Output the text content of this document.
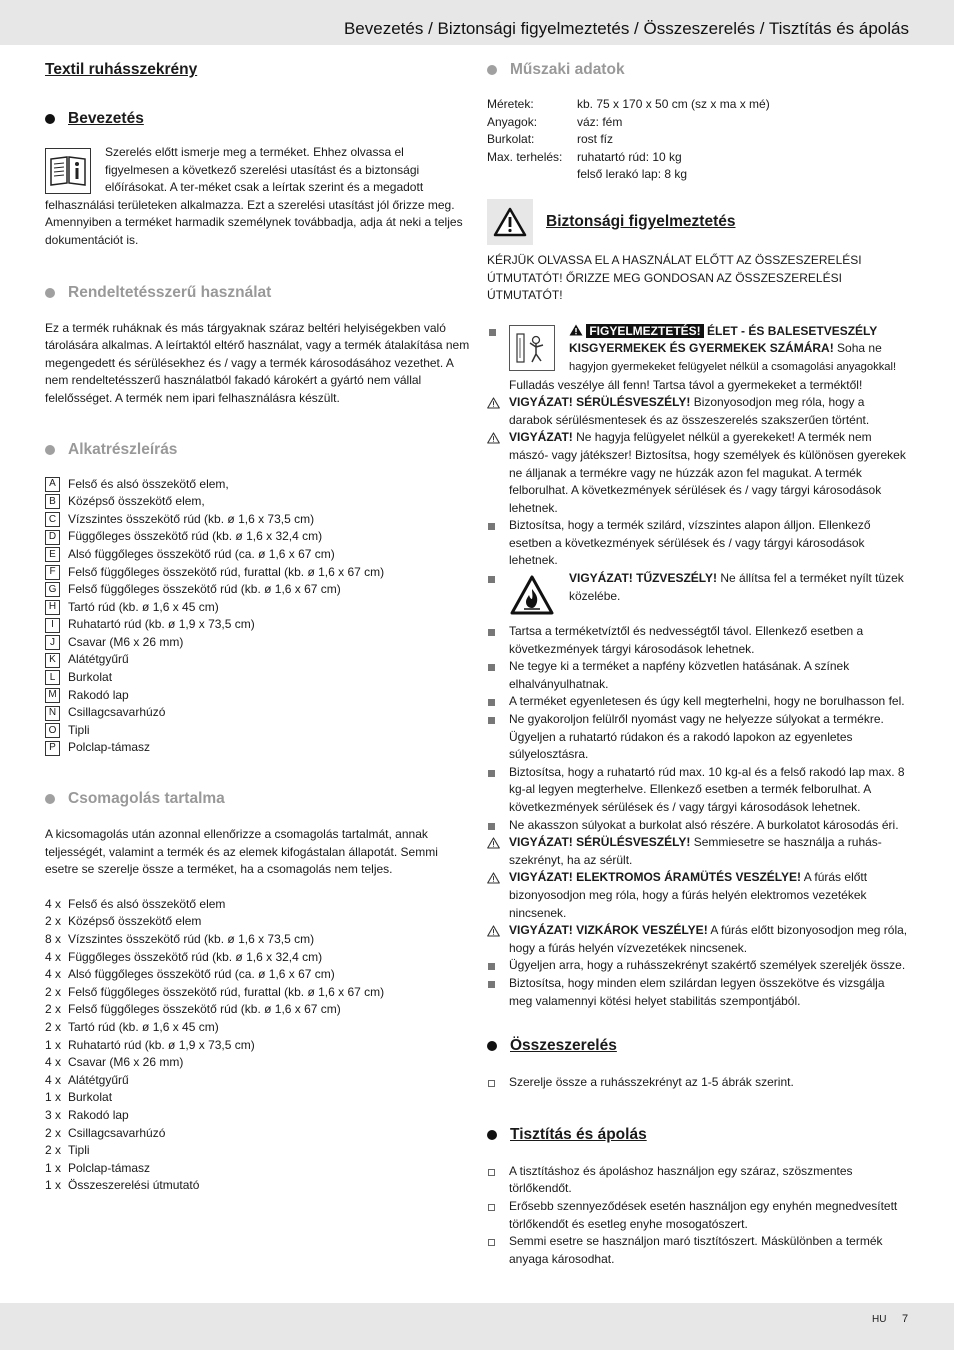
Bevezetés / Biztonsági figyelmeztetés / Összeszerelés / Tisztítás és ápolás
Textil ruhásszekrény
Bevezetés
Szerelés előtt ismerje meg a terméket. Ehhez olvassa el figyelmesen a következő szerelési utasítást és a biztonsági előírásokat. A ter-méket csak a leírtak szerint és a megadott felhasználási területeken alkalmazza. Ezt a szerelési utasítást jól őrizze meg. Amennyiben a terméket harmadik személynek továbbadja, adja át neki a teljes dokumentációt is.
Rendeltetésszerű használat
Ez a termék ruháknak és más tárgyaknak száraz beltéri helyiségekben való tárolására alkalmas. A leírtaktól eltérő használat, vagy a termék átalakítása nem megengedett és sérülésekhez és / vagy a termék károsodásához vezethet. A nem rendeltetésszerű használatból fakadó károkért a gyártó nem vállal felelősséget. A termék nem ipari felhasználásra készült.
Alkatrészleírás
A	Felső és alsó összekötő elem,
B	Középső összekötő elem,
C Vízszintes összekötő rúd (kb. ø 1,6 x 73,5 cm)
D Függőleges összekötő rúd (kb. ø 1,6 x 32,4 cm)
E	Alsó függőleges összekötő rúd (ca. ø 1,6 x 67 cm)
F	Felső függőleges összekötő rúd, furattal (kb. ø 1,6 x 67 cm)
G Felső függőleges összekötő rúd (kb. ø 1,6 x 67 cm)
H Tartó rúd (kb. ø 1,6 x 45 cm)
I	Ruhatartó rúd (kb. ø 1,9 x 73,5 cm)
J	Csavar (M6 x 26 mm)
K	Alátétgyűrű
L	Burkolat
M Rakodó lap
N Csillagcsavarhúzó
O Tipli
P	Polclap-támasz
Csomagolás tartalma
A kicsomagolás után azonnal ellenőrizze a csomagolás tartalmát, annak teljességét, valamint a termék és az elemek kifogástalan állapotát. Semmi esetre se szerelje össze a terméket, ha a csomagolás nem teljes.
4 x Felső és alsó összekötő elem
2 x Középső összekötő elem
8 x Vízszintes összekötő rúd (kb. ø 1,6 x 73,5 cm)
4 x Függőleges összekötő rúd (kb. ø 1,6 x 32,4 cm)
4 x Alsó függőleges összekötő rúd (ca. ø 1,6 x 67 cm)
2 x Felső függőleges összekötő rúd, furattal (kb. ø 1,6 x 67 cm)
2 x Felső függőleges összekötő rúd (kb. ø 1,6 x 67 cm)
2 x Tartó rúd (kb. ø 1,6 x 45 cm)
1 x Ruhatartó rúd (kb. ø 1,9 x 73,5 cm)
4 x Csavar (M6 x 26 mm)
4 x Alátétgyűrű
1 x Burkolat
3 x Rakodó lap
2 x Csillagcsavarhúzó
2 x Tipli
1 x Polclap-támasz
1 x Összeszerelési útmutató
Műszaki adatok
Méretek:	kb. 75 x 170 x 50 cm (sz x ma x mé)
Anyagok:	váz: fém
Burkolat:	rost fíz
Max. terhelés:	ruhatartó rúd: 10 kg
felső lerakó lap: 8 kg
Biztonsági figyelmeztetés
KÉRJÜK OLVASSA EL A HASZNÁLAT ELŐTT AZ ÖSSZESZERELÉSI ÚTMUTATÓT! ŐRIZZE MEG GONDOSAN AZ ÖSSZESZERELÉSI ÚTMUTATÓT!
FIGYELMEZTETÉS! ÉLET - ÉS BALESETVESZÉLY KISGYERMEKEK ÉS GYERMEKEK SZÁMÁRA! Soha ne hagyjon gyermekeket felügyelet nélkül a csomagolási anyagokkal!
Fulladás veszélye áll fenn! Tartsa távol a gyermekeket a terméktől!
VIGYÁZAT! SÉRÜLÉSVESZÉLY! Bizonyosodjon meg róla, hogy a darabok sérülésmentesek és az összeszerelés szakszerűen történt.
VIGYÁZAT! Ne hagyja felügyelet nélkül a gyerekeket! A termék nem mászó- vagy játékszer! Biztosítsa, hogy személyek és különösen gyerekek ne álljanak a termékre vagy ne húzzák azon fel magukat. A termék felborulhat. A következmények sérülések és / vagy tárgyi károsodások lehetnek.
Biztosítsa, hogy a termék szilárd, vízszintes alapon álljon. Ellenkező esetben a következmények sérülések és / vagy tárgyi károsodások lehetnek.
VIGYÁZAT! TŰZVESZÉLY! Ne állítsa fel a terméket nyílt tüzek közelébe.
Tartsa a terméketvíztől és nedvességtől távol. Ellenkező esetben a következmények tárgyi károsodások lehetnek.
Ne tegye ki a terméket a napfény közvetlen hatásának. A színek elhalványulhatnak.
A terméket egyenletesen és úgy kell megterhelni, hogy ne borulhasson fel.
Ne gyakoroljon felülről nyomást vagy ne helyezze súlyokat a termékre. Ügyeljen a ruhatartó rúdakon és a rakodó lapokon az egyenletes súlyelosztásra.
Biztosítsa, hogy a ruhatartó rúd max. 10 kg-al és a felső rakodó lap max. 8 kg-al legyen megterhelve. Ellenkező esetben a termék felborulhat. A következmények sérülések és / vagy tárgyi károsodások lehetnek.
Ne akasszon súlyokat a burkolat alsó részére. A burkolatot károsodás éri.
VIGYÁZAT! SÉRÜLÉSVESZÉLY! Semmiesetre se használja a ruhás-szekrényt, ha az sérült.
VIGYÁZAT! ELEKTROMOS ÁRAMÜTÉS VESZÉLYE! A fúrás előtt bizonyosodjon meg róla, hogy a fúrás helyén elektromos vezetékek nincsenek.
VIGYÁZAT! VIZKÁROK VESZÉLYE! A fúrás előtt bizonyosodjon meg róla, hogy a fúrás helyén vízvezetékek nincsenek.
Ügyeljen arra, hogy a ruhásszekrényt szakértő személyek szereljék össze.
Biztosítsa, hogy minden elem szilárdan legyen összekötve és vizsgálja meg valamennyi kötési helyet stabilitás szempontjából.
Összeszerelés
Szerelje össze a ruhásszekrényt az 1-5 ábrák szerint.
Tisztítás és ápolás
A tisztításhoz és ápoláshoz használjon egy száraz, szöszmentes törlőkendőt.
Erősebb szennyeződések esetén használjon egy enyhén megnedvesített törlőkendőt és esetleg enyhe mosogatószert.
Semmi esetre se használjon maró tisztítószert. Máskülönben a termék anyaga károsodhat.
HU 7
